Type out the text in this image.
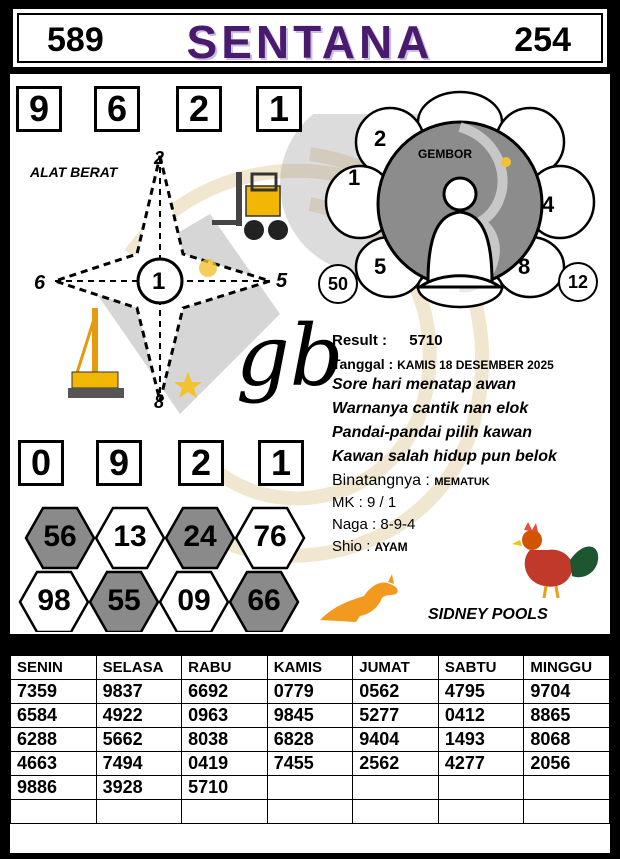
589	SENTANA	254
9	6	2	1
ALAT BERAT
2
6	5
8
1
GEMBOR
2
1
5	8
4
50	12
gb
Result : 5710
Tanggal : KAMIS 18 DESEMBER 2025
Sore hari menatap awan
Warnanya cantik nan elok
Pandai-pandai pilih kawan
Kawan salah hidup pun belok
Binatangnya : MEMATUK
MK : 9 / 1
Naga : 8-9-4
Shio : AYAM
0	9	2	1
56	13	24	76
98	55	09	66	SIDNEY POOLS
SENIN	SELASA	RABU	KAMIS	JUMAT	SABTU	MINGGU
7359	9837	6692	0779	0562	4795	9704
6584	4922	0963	9845	5277	0412	8865
6288	5662	8038	6828	9404	1493	8068
4663	7494	0419	7455	2562	4277	2056
9886	3928	5710				
